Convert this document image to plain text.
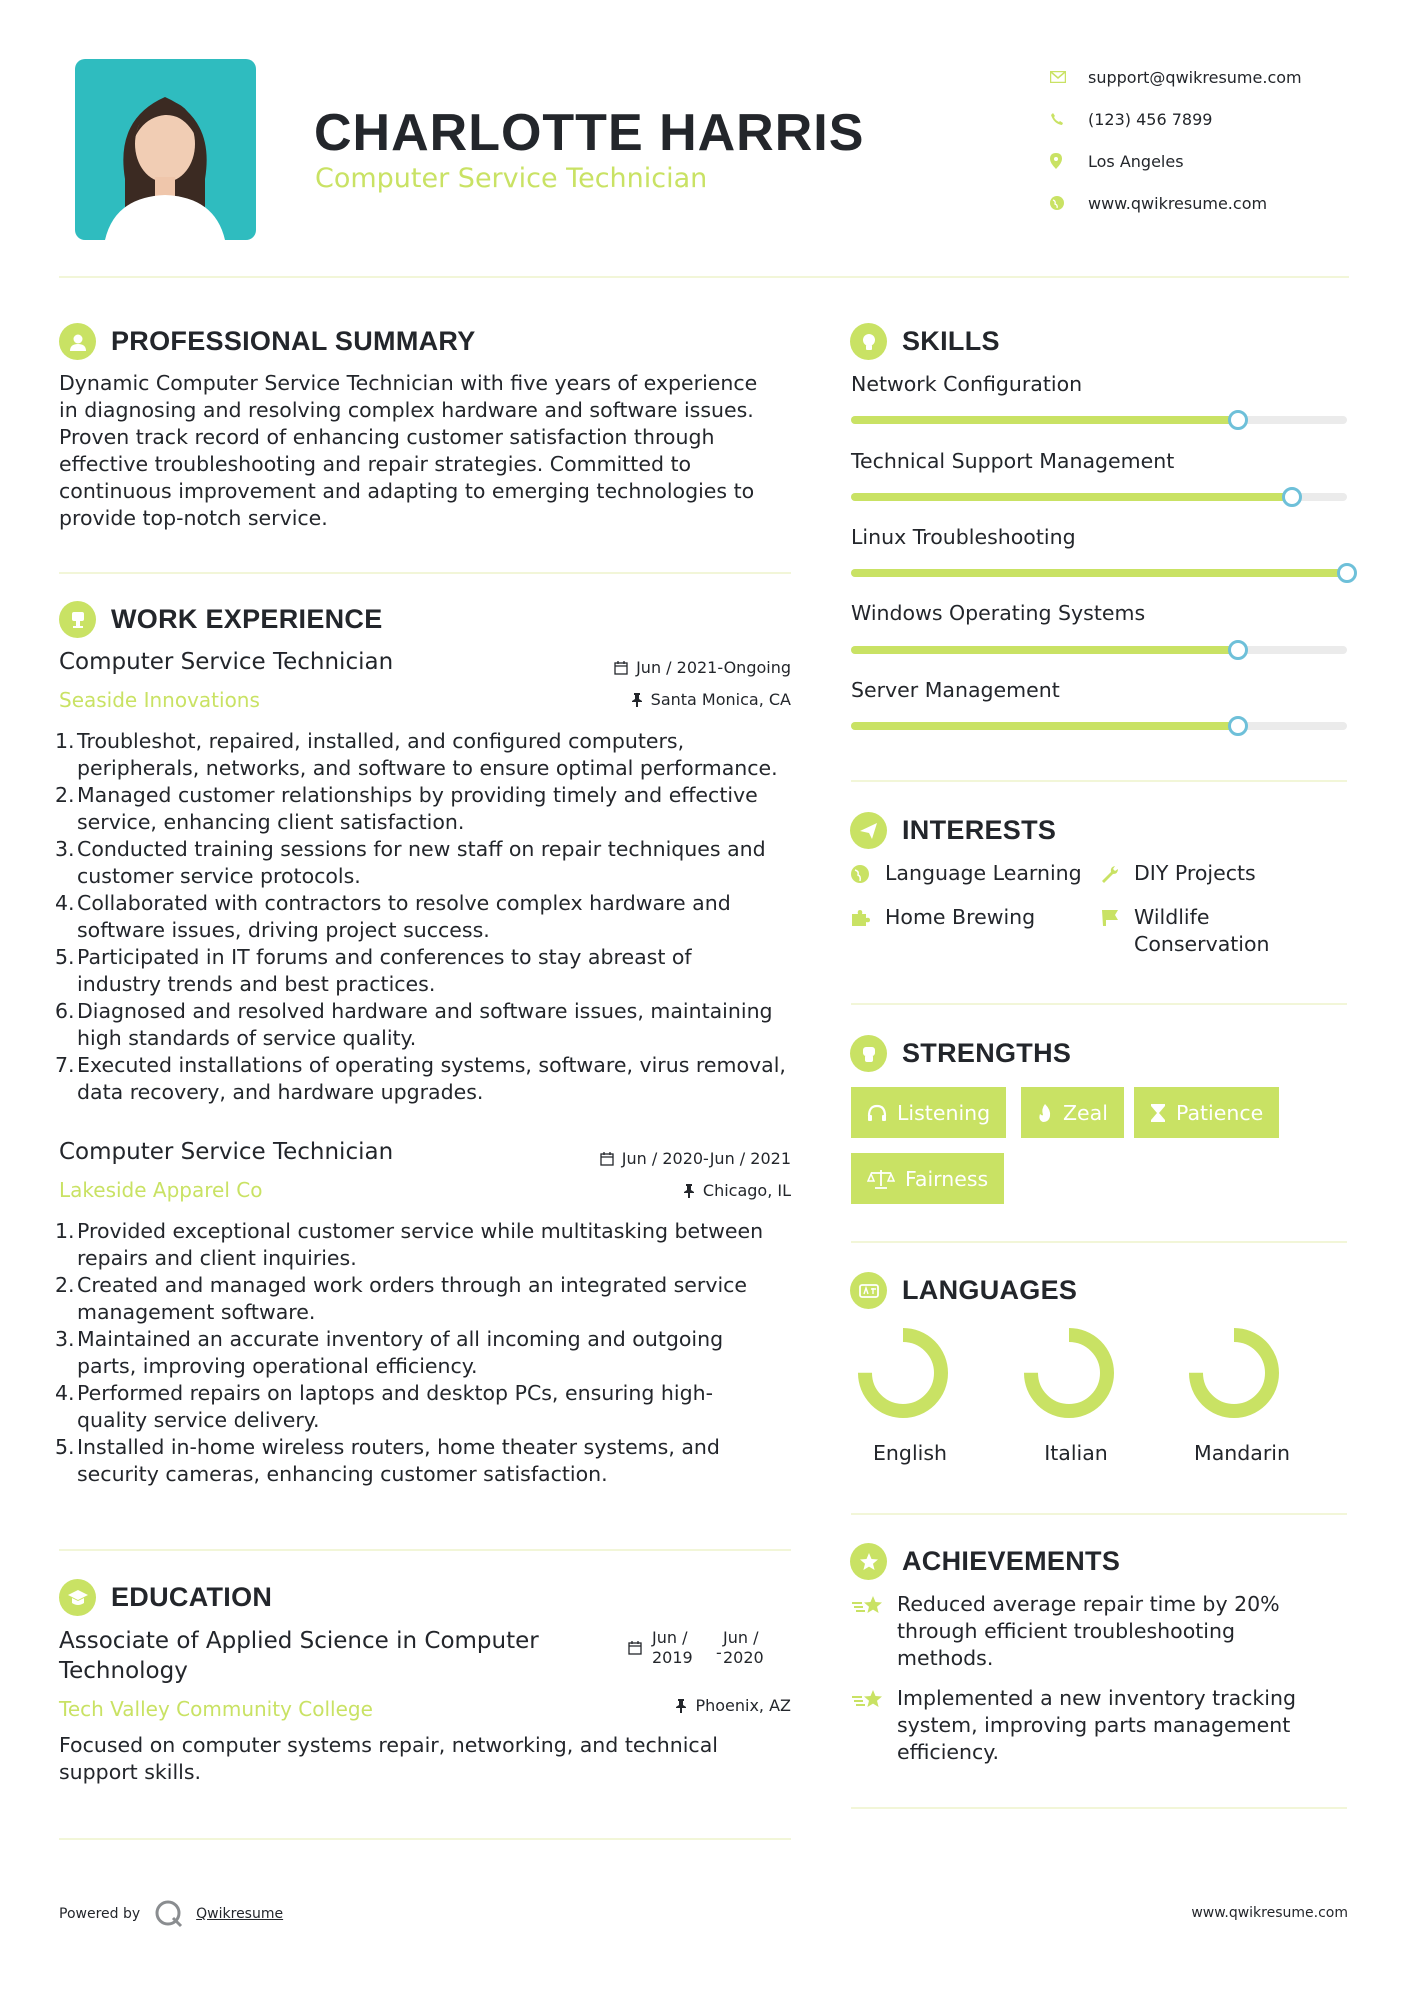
CHARLOTTE HARRIS
Computer Service Technician
support@qwikresume.com
(123) 456 7899
Los Angeles
www.qwikresume.com
PROFESSIONAL SUMMARY
Dynamic Computer Service Technician with five years of experience
in diagnosing and resolving complex hardware and software issues.
Proven track record of enhancing customer satisfaction through
effective troubleshooting and repair strategies. Committed to
continuous improvement and adapting to emerging technologies to
provide top-notch service.
WORK EXPERIENCE
Computer Service Technician
Seaside Innovations
Jun / 2021-Ongoing
Santa Monica, CA
1. Troubleshot, repaired, installed, and configured computers,
peripherals, networks, and software to ensure optimal performance.
2. Managed customer relationships by providing timely and effective
service, enhancing client satisfaction.
3. Conducted training sessions for new staff on repair techniques and
customer service protocols.
4. Collaborated with contractors to resolve complex hardware and
software issues, driving project success.
5. Participated in IT forums and conferences to stay abreast of
industry trends and best practices.
6. Diagnosed and resolved hardware and software issues, maintaining
high standards of service quality.
7. Executed installations of operating systems, software, virus removal,
data recovery, and hardware upgrades.
Computer Service Technician
Lakeside Apparel Co
Jun / 2020-Jun / 2021
Chicago, IL
1. Provided exceptional customer service while multitasking between
repairs and client inquiries.
2. Created and managed work orders through an integrated service
management software.
3. Maintained an accurate inventory of all incoming and outgoing
parts, improving operational efficiency.
4. Performed repairs on laptops and desktop PCs, ensuring high-
quality service delivery.
5. Installed in-home wireless routers, home theater systems, and
security cameras, enhancing customer satisfaction.
EDUCATION
Associate of Applied Science in Computer
Technology
Tech Valley Community College
Jun /
2019 -
Jun /
2020
Phoenix, AZ
Focused on computer systems repair, networking, and technical
support skills.
SKILLS
Network Configuration
Technical Support Management
Linux Troubleshooting
Windows Operating Systems
Server Management
INTERESTS
Language Learning	DIY Projects
Home Brewing	Wildlife
Conservation
STRENGTHS
Listening	Zeal	Patience
Fairness
LANGUAGES
English	Italian	Mandarin
ACHIEVEMENTS
Reduced average repair time by 20%
through efficient troubleshooting
methods.
Implemented a new inventory tracking
system, improving parts management
efficiency.
Powered by	Qwikresume	www.qwikresume.com
